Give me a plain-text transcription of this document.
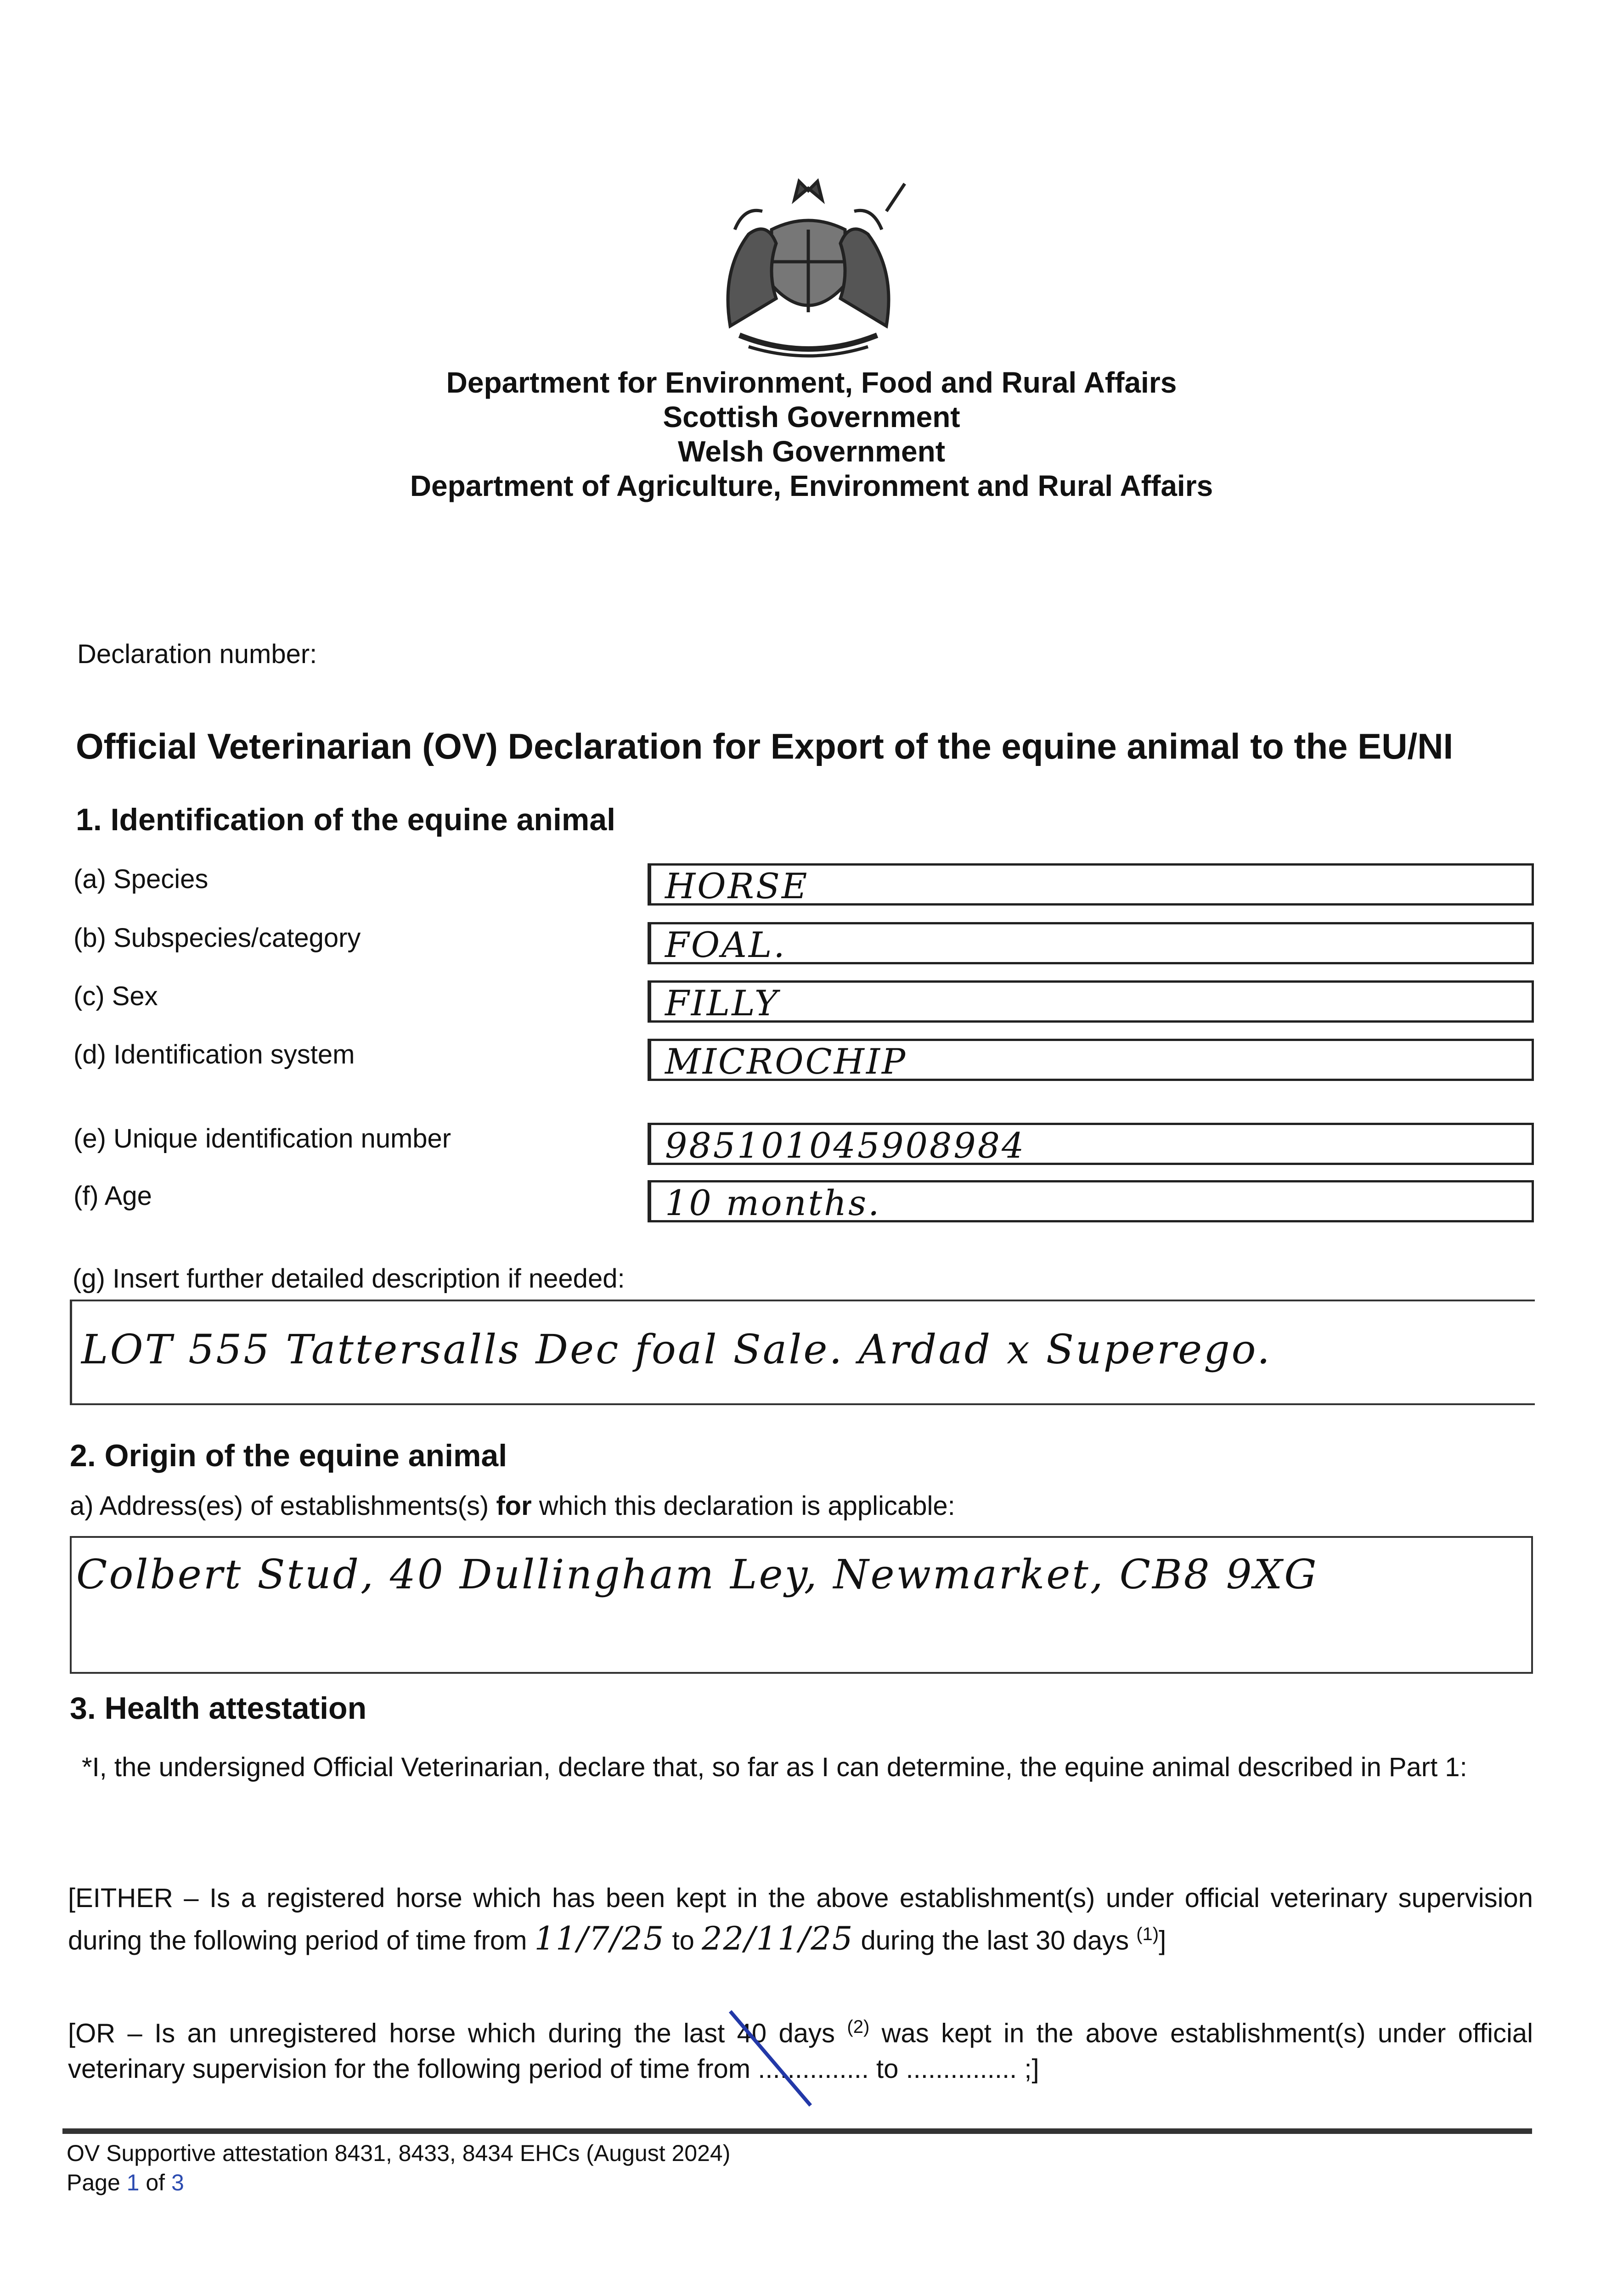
Department for Environment, Food and Rural Affairs
Scottish Government
Welsh Government
Department of Agriculture, Environment and Rural Affairs
Declaration number:
Official Veterinarian (OV) Declaration for Export of the equine animal to the EU/NI
1. Identification of the equine animal
(a) Species	HORSE
(b) Subspecies/category	FOAL.
(c) Sex	FILLY
(d) Identification system	MICROCHIP
(e) Unique identification number	985101045908984
(f) Age	10 months.
(g) Insert further detailed description if needed:
LOT 555 Tattersalls Dec foal Sale. Ardad x Superego.
2. Origin of the equine animal
a) Address(es) of establishments(s) for which this declaration is applicable:
Colbert Stud, 40 Dullingham Ley, Newmarket, CB8 9XG
3. Health attestation
*I, the undersigned Official Veterinarian, declare that, so far as I can determine, the equine animal described in Part 1:
[EITHER – Is a registered horse which has been kept in the above establishment(s) under official veterinary supervision during the following period of time from 11/7/25 to 22/11/25 during the last 30 days $^{(1)}$]
[OR – Is an unregistered horse which during the last 40 days $^{(2)}$ was kept in the above establishment(s) under official veterinary supervision for the following period of time from ............... to ............... ;]
OV Supportive attestation 8431, 8433, 8434 EHCs (August 2024)
Page 1 of 3
